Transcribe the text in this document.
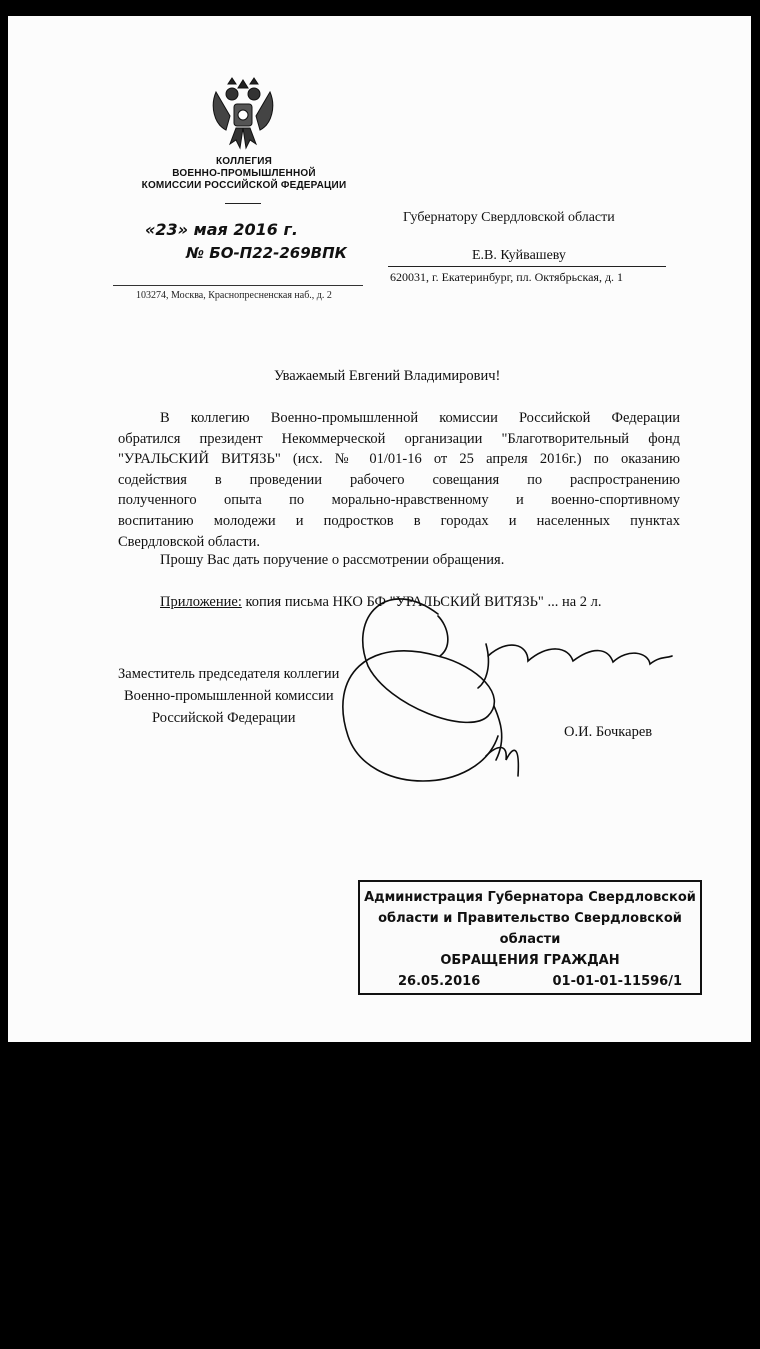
КОЛЛЕГИЯ
ВОЕННО-ПРОМЫШЛЕННОЙ
КОМИССИИ РОССИЙСКОЙ ФЕДЕРАЦИИ
«23» мая 2016 г.
№ БО-П22-269ВПК
103274, Москва, Краснопресненская наб., д. 2
Губернатору Свердловской области
Е.В. Куйвашеву
620031, г. Екатеринбург, пл. Октябрьская, д. 1
Уважаемый Евгений Владимирович!
В коллегию Военно-промышленной комиссии Российской Федерации
обратился президент Некоммерческой организации "Благотворительный фонд
"УРАЛЬСКИЙ ВИТЯЗЬ" (исх. № 01/01-16 от 25 апреля 2016г.) по оказанию
содействия в проведении рабочего совещания по распространению
полученного опыта по морально-нравственному и военно-спортивному
воспитанию молодежи и подростков в городах и населенных пунктах
Свердловской области.
Прошу Вас дать поручение о рассмотрении обращения.
Приложение: копия письма НКО БФ "УРАЛЬСКИЙ ВИТЯЗЬ" ... на 2 л.
Заместитель председателя коллегии
Военно-промышленной комиссии
Российской Федерации
О.И. Бочкарев
Администрация Губернатора Свердловской
области и Правительство Свердловской
области
ОБРАЩЕНИЯ ГРАЖДАН
26.05.2016	01-01-01-11596/1
